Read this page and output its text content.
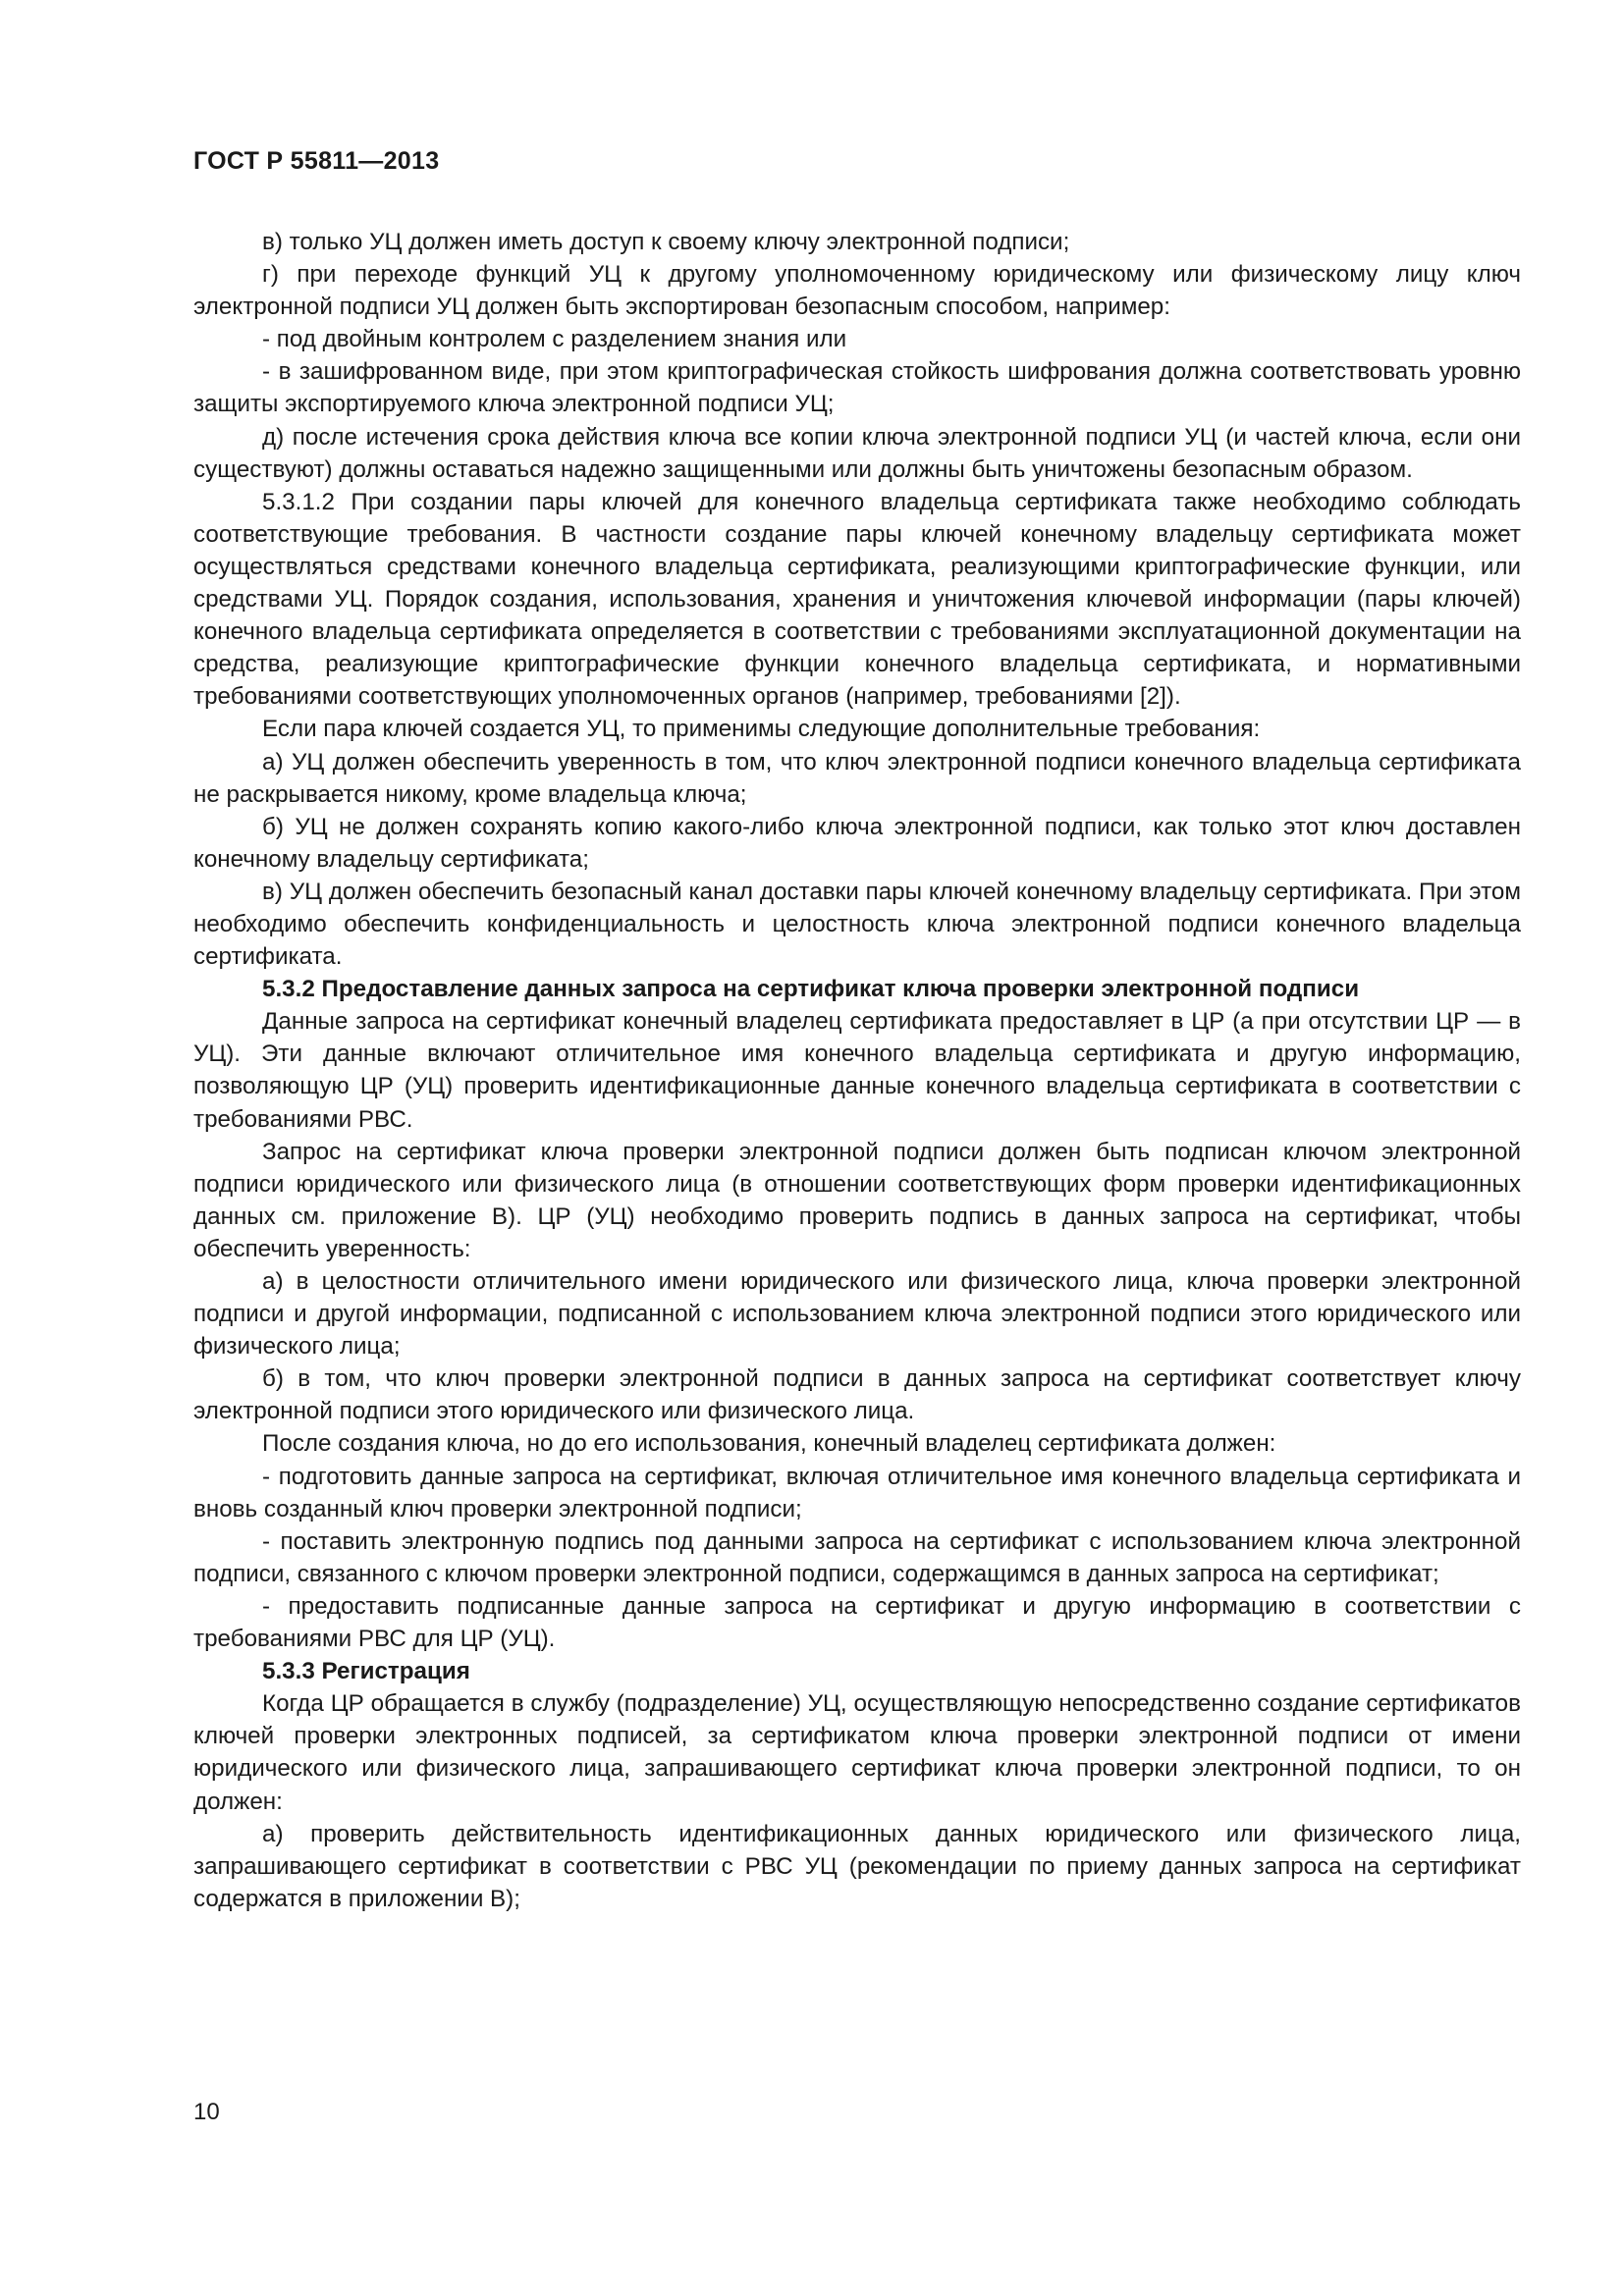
ГОСТ Р 55811—2013

в) только УЦ должен иметь доступ к своему ключу электронной подписи;

г) при переходе функций УЦ к другому уполномоченному юридическому или физическому лицу ключ электронной подписи УЦ должен быть экспортирован безопасным способом, например:

- под двойным контролем с разделением знания или

- в зашифрованном виде, при этом криптографическая стойкость шифрования должна соответствовать уровню защиты экспортируемого ключа электронной подписи УЦ;

д) после истечения срока действия ключа все копии ключа электронной подписи УЦ (и частей ключа, если они существуют) должны оставаться надежно защищенными или должны быть уничтожены безопасным образом.

5.3.1.2 При создании пары ключей для конечного владельца сертификата также необходимо соблюдать соответствующие требования. В частности создание пары ключей конечному владельцу сертификата может осуществляться средствами конечного владельца сертификата, реализующими криптографические функции, или средствами УЦ. Порядок создания, использования, хранения и уничтожения ключевой информации (пары ключей) конечного владельца сертификата определяется в соответствии с требованиями эксплуатационной документации на средства, реализующие криптографические функции конечного владельца сертификата, и нормативными требованиями соответствующих уполномоченных органов (например, требованиями [2]).

Если пара ключей создается УЦ, то применимы следующие дополнительные требования:

а) УЦ должен обеспечить уверенность в том, что ключ электронной подписи конечного владельца сертификата не раскрывается никому, кроме владельца ключа;

б) УЦ не должен сохранять копию какого-либо ключа электронной подписи, как только этот ключ доставлен конечному владельцу сертификата;

в) УЦ должен обеспечить безопасный канал доставки пары ключей конечному владельцу сертификата. При этом необходимо обеспечить конфиденциальность и целостность ключа электронной подписи конечного владельца сертификата.

5.3.2 Предоставление данных запроса на сертификат ключа проверки электронной подписи

Данные запроса на сертификат конечный владелец сертификата предоставляет в ЦР (а при отсутствии ЦР — в УЦ). Эти данные включают отличительное имя конечного владельца сертификата и другую информацию, позволяющую ЦР (УЦ) проверить идентификационные данные конечного владельца сертификата в соответствии с требованиями РВС.

Запрос на сертификат ключа проверки электронной подписи должен быть подписан ключом электронной подписи юридического или физического лица (в отношении соответствующих форм проверки идентификационных данных см. приложение В). ЦР (УЦ) необходимо проверить подпись в данных запроса на сертификат, чтобы обеспечить уверенность:

а) в целостности отличительного имени юридического или физического лица, ключа проверки электронной подписи и другой информации, подписанной с использованием ключа электронной подписи этого юридического или физического лица;

б) в том, что ключ проверки электронной подписи в данных запроса на сертификат соответствует ключу электронной подписи этого юридического или физического лица.

После создания ключа, но до его использования, конечный владелец сертификата должен:

- подготовить данные запроса на сертификат, включая отличительное имя конечного владельца сертификата и вновь созданный ключ проверки электронной подписи;

- поставить электронную подпись под данными запроса на сертификат с использованием ключа электронной подписи, связанного с ключом проверки электронной подписи, содержащимся в данных запроса на сертификат;

- предоставить подписанные данные запроса на сертификат и другую информацию в соответствии с требованиями РВС для ЦР (УЦ).

5.3.3 Регистрация

Когда ЦР обращается в службу (подразделение) УЦ, осуществляющую непосредственно создание сертификатов ключей проверки электронных подписей, за сертификатом ключа проверки электронной подписи от имени юридического или физического лица, запрашивающего сертификат ключа проверки электронной подписи, то он должен:

а) проверить действительность идентификационных данных юридического или физического лица, запрашивающего сертификат в соответствии с РВС УЦ (рекомендации по приему данных запроса на сертификат содержатся в приложении В);

10
